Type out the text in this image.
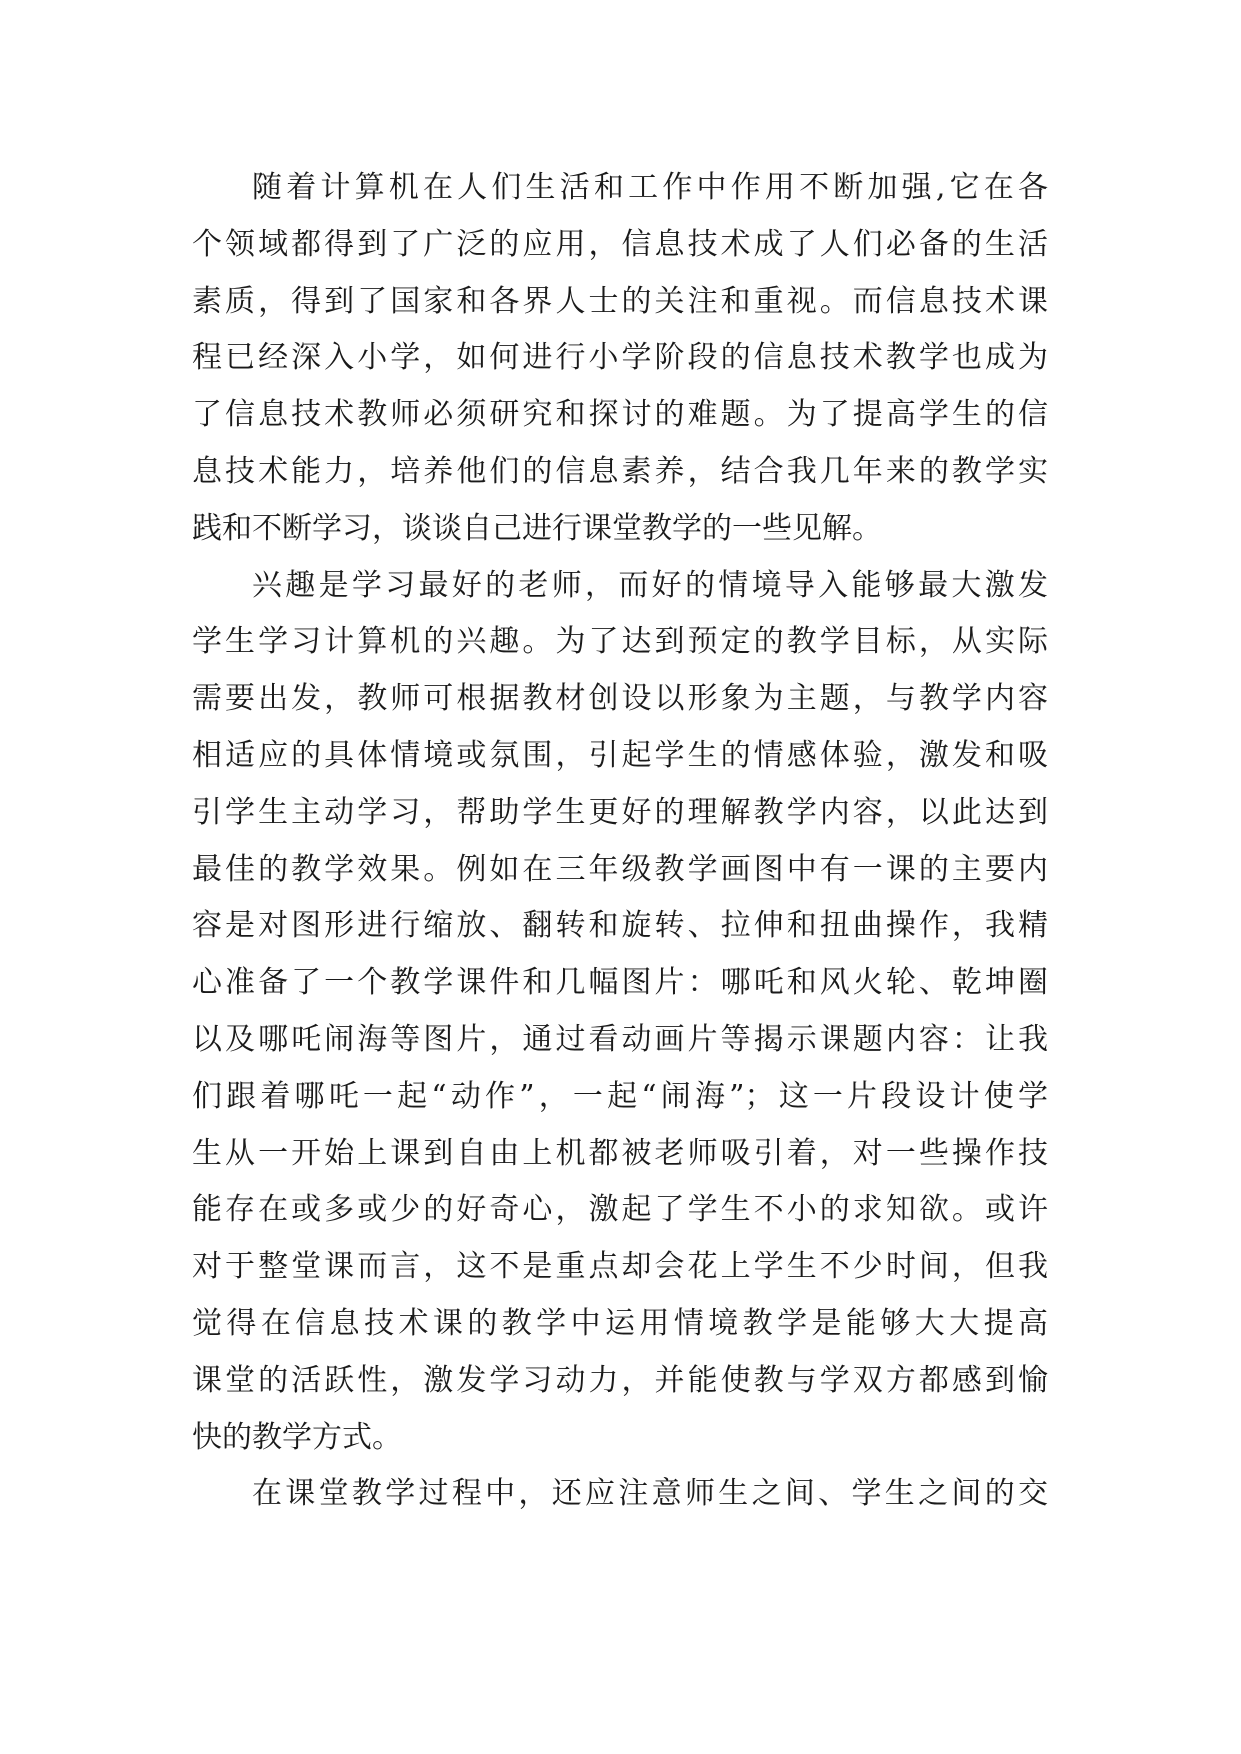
随着计算机在人们生活和工作中作用不断加强,它在各
个领域都得到了广泛的应用，信息技术成了人们必备的生活
素质，得到了国家和各界人士的关注和重视。而信息技术课
程已经深入小学，如何进行小学阶段的信息技术教学也成为
了信息技术教师必须研究和探讨的难题。为了提高学生的信
息技术能力，培养他们的信息素养，结合我几年来的教学实
践和不断学习，谈谈自己进行课堂教学的一些见解。
兴趣是学习最好的老师，而好的情境导入能够最大激发
学生学习计算机的兴趣。为了达到预定的教学目标，从实际
需要出发，教师可根据教材创设以形象为主题，与教学内容
相适应的具体情境或氛围，引起学生的情感体验，激发和吸
引学生主动学习，帮助学生更好的理解教学内容，以此达到
最佳的教学效果。例如在三年级教学画图中有一课的主要内
容是对图形进行缩放、翻转和旋转、拉伸和扭曲操作，我精
心准备了一个教学课件和几幅图片：哪吒和风火轮、乾坤圈
以及哪吒闹海等图片，通过看动画片等揭示课题内容：让我
们跟着哪吒一起“动作”，一起“闹海”；这一片段设计使学
生从一开始上课到自由上机都被老师吸引着，对一些操作技
能存在或多或少的好奇心，激起了学生不小的求知欲。或许
对于整堂课而言，这不是重点却会花上学生不少时间，但我
觉得在信息技术课的教学中运用情境教学是能够大大提高
课堂的活跃性，激发学习动力，并能使教与学双方都感到愉
快的教学方式。
在课堂教学过程中，还应注意师生之间、学生之间的交
